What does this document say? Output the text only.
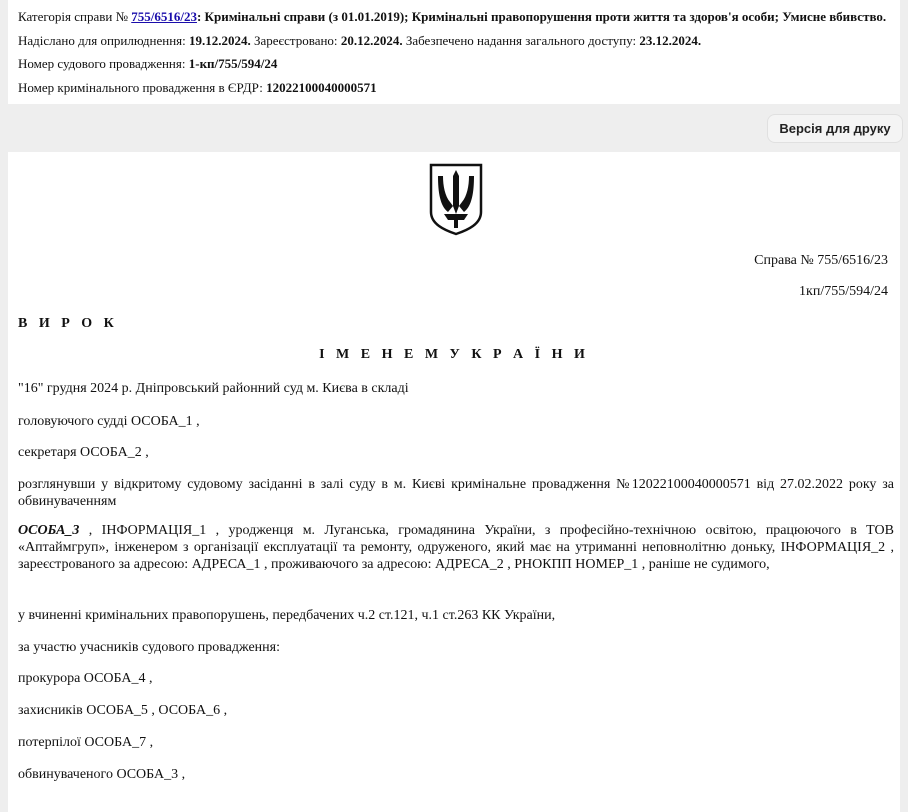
Категорія справи № 755/6516/23: Кримінальні справи (з 01.01.2019); Кримінальні правопорушення проти життя та здоров'я особи; Умисне вбивство.
Надіслано для оприлюднення: 19.12.2024. Зареєстровано: 20.12.2024. Забезпечено надання загального доступу: 23.12.2024.
Номер судового провадження: 1-кп/755/594/24
Номер кримінального провадження в ЄРДР: 12022100040000571
Версія для друку
Справа № 755/6516/23
1кп/755/594/24
В И Р О К
І М Е Н Е М У К Р А Ї Н И
"16" грудня 2024 р. Дніпровський районний суд м. Києва в складі
головуючого судді ОСОБА_1 ,
секретаря ОСОБА_2 ,
розглянувши у відкритому судовому засіданні в залі суду в м. Києві кримінальне провадження №12022100040000571 від 27.02.2022 року за обвинуваченням
ОСОБА_3 , ІНФОРМАЦІЯ_1 , уродженця м. Луганська, громадянина України, з професійно-технічною освітою, працюючого в ТОВ «Аптаймгруп», інженером з організації експлуатації та ремонту, одруженого, який має на утриманні неповнолітню доньку, ІНФОРМАЦІЯ_2 , зареєстрованого за адресою: АДРЕСА_1 , проживаючого за адресою: АДРЕСА_2 , РНОКПП НОМЕР_1 , раніше не судимого,
у вчиненні кримінальних правопорушень, передбачених ч.2 ст.121, ч.1 ст.263 КК України,
за участю учасників судового провадження:
прокурора ОСОБА_4 ,
захисників ОСОБА_5 , ОСОБА_6 ,
потерпілої ОСОБА_7 ,
обвинуваченого ОСОБА_3 ,
